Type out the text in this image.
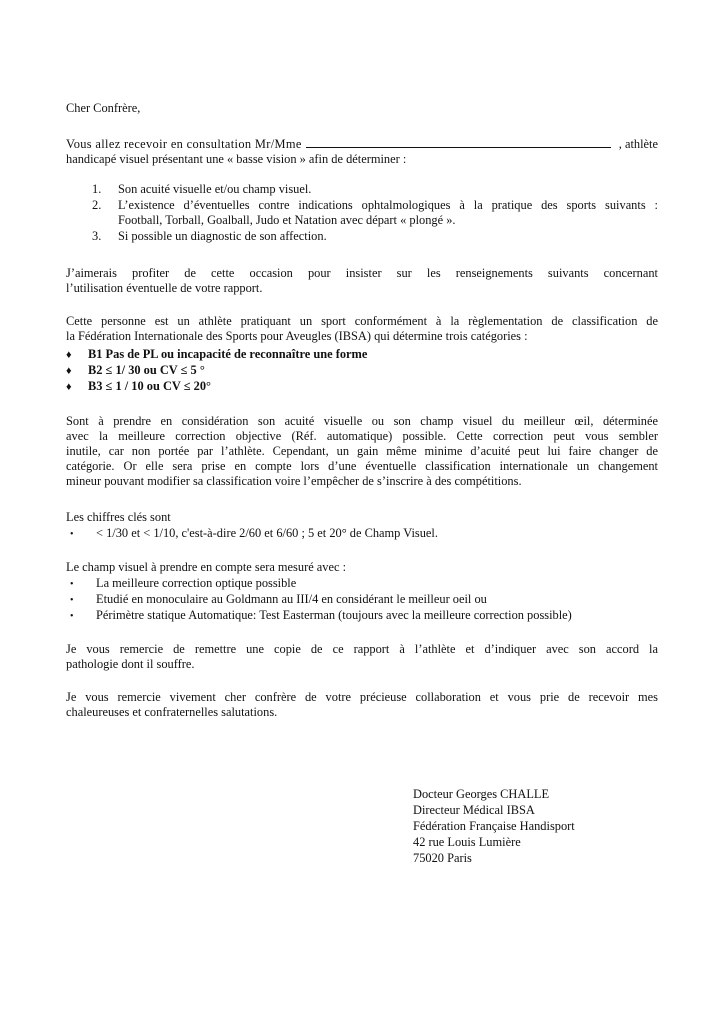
Cher Confrère,

Vous allez recevoir en consultation Mr/Mme	, athlète
handicapé visuel présentant une « basse vision » afin de déterminer :
1. Son acuité visuelle et/ou champ visuel.
2. L’existence d’éventuelles contre indications ophtalmologiques à la pratique des sports suivants :
Football, Torball, Goalball, Judo et Natation avec départ « plongé ».
3. Si possible un diagnostic de son affection.
J’aimerais profiter de cette occasion pour insister sur les renseignements suivants concernant
l’utilisation éventuelle de votre rapport.
Cette personne est un athlète pratiquant un sport conformément à la règlementation de classification de
la Fédération Internationale des Sports pour Aveugles (IBSA) qui détermine trois catégories :
♦ B1 Pas de PL ou incapacité de reconnaître une forme
♦ B2 ≤ 1/ 30 ou CV ≤ 5 °
♦ B3 ≤ 1 / 10 ou CV ≤ 20°
Sont à prendre en considération son acuité visuelle ou son champ visuel du meilleur œil, déterminée
avec la meilleure correction objective (Réf. automatique) possible. Cette correction peut vous sembler
inutile, car non portée par l’athlète. Cependant, un gain même minime d’acuité peut lui faire changer de
catégorie. Or elle sera prise en compte lors d’une éventuelle classification internationale un changement
mineur pouvant modifier sa classification voire l’empêcher de s’inscrire à des compétitions.
Les chiffres clés sont
• < 1/30 et < 1/10, c'est-à-dire 2/60 et 6/60 ; 5 et 20° de Champ Visuel.
Le champ visuel à prendre en compte sera mesuré avec :
• La meilleure correction optique possible
• Etudié en monoculaire au Goldmann au III/4 en considérant le meilleur oeil ou
• Périmètre statique Automatique: Test Easterman (toujours avec la meilleure correction possible)
Je vous remercie de remettre une copie de ce rapport à l’athlète et d’indiquer avec son accord la
pathologie dont il souffre.
Je vous remercie vivement cher confrère de votre précieuse collaboration et vous prie de recevoir mes
chaleureuses et confraternelles salutations.
Docteur Georges CHALLE
Directeur Médical IBSA
Fédération Française Handisport
42 rue Louis Lumière
75020 Paris
